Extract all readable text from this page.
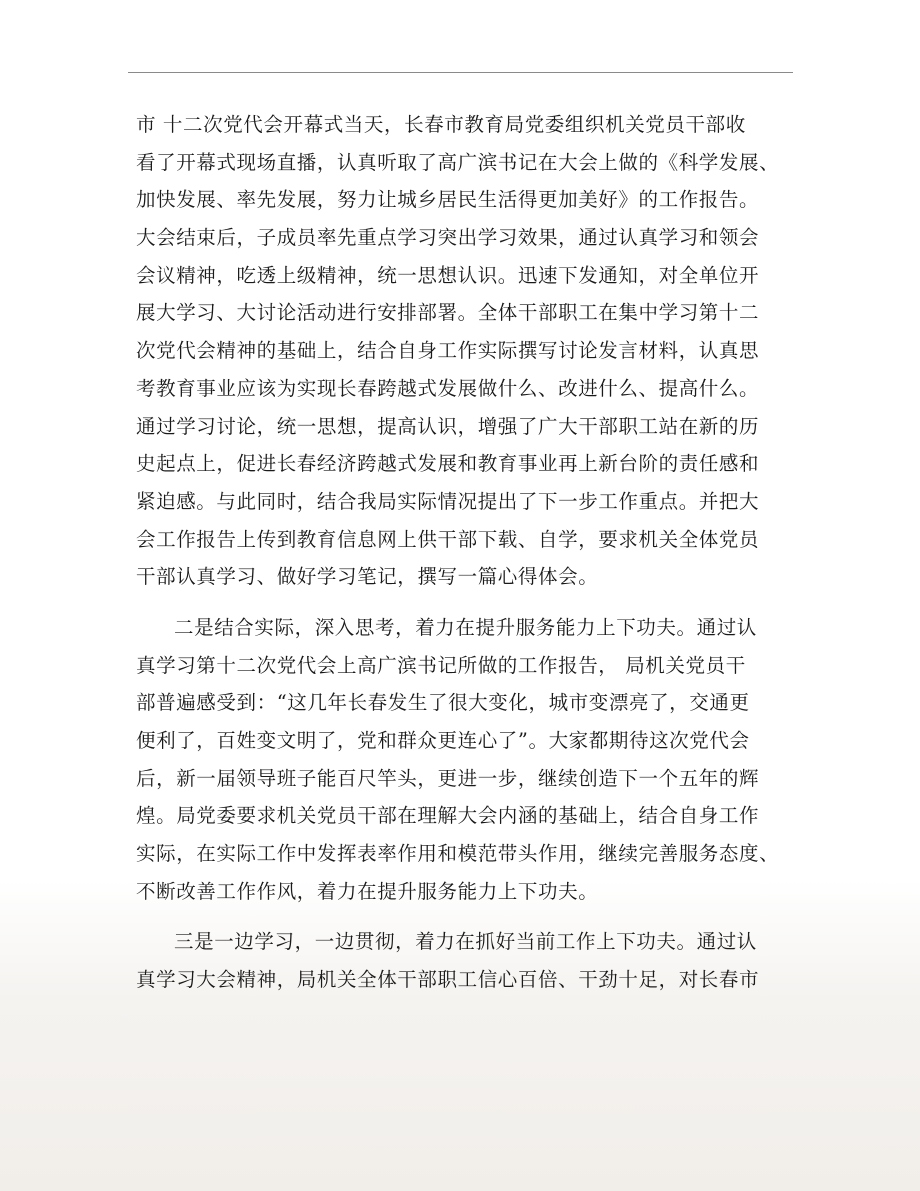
市 十二次党代会开幕式当天，长春市教育局党委组织机关党员干部收
看了开幕式现场直播，认真听取了高广滨书记在大会上做的《科学发展、
加快发展、率先发展，努力让城乡居民生活得更加美好》的工作报告。
大会结束后，子成员率先重点学习突出学习效果，通过认真学习和领会
会议精神，吃透上级精神，统一思想认识。迅速下发通知，对全单位开
展大学习、大讨论活动进行安排部署。全体干部职工在集中学习第十二
次党代会精神的基础上，结合自身工作实际撰写讨论发言材料，认真思
考教育事业应该为实现长春跨越式发展做什么、改进什么、提高什么。
通过学习讨论，统一思想，提高认识，增强了广大干部职工站在新的历
史起点上，促进长春经济跨越式发展和教育事业再上新台阶的责任感和
紧迫感。与此同时，结合我局实际情况提出了下一步工作重点。并把大
会工作报告上传到教育信息网上供干部下载、自学，要求机关全体党员
干部认真学习、做好学习笔记，撰写一篇心得体会。
二是结合实际，深入思考，着力在提升服务能力上下功夫。通过认
真学习第十二次党代会上高广滨书记所做的工作报告， 局机关党员干
部普遍感受到：“这几年长春发生了很大变化，城市变漂亮了，交通更
便利了，百姓变文明了，党和群众更连心了”。大家都期待这次党代会
后，新一届领导班子能百尺竿头，更进一步，继续创造下一个五年的辉
煌。局党委要求机关党员干部在理解大会内涵的基础上，结合自身工作
实际，在实际工作中发挥表率作用和模范带头作用，继续完善服务态度、
不断改善工作作风，着力在提升服务能力上下功夫。
三是一边学习，一边贯彻，着力在抓好当前工作上下功夫。通过认
真学习大会精神，局机关全体干部职工信心百倍、干劲十足，对长春市
